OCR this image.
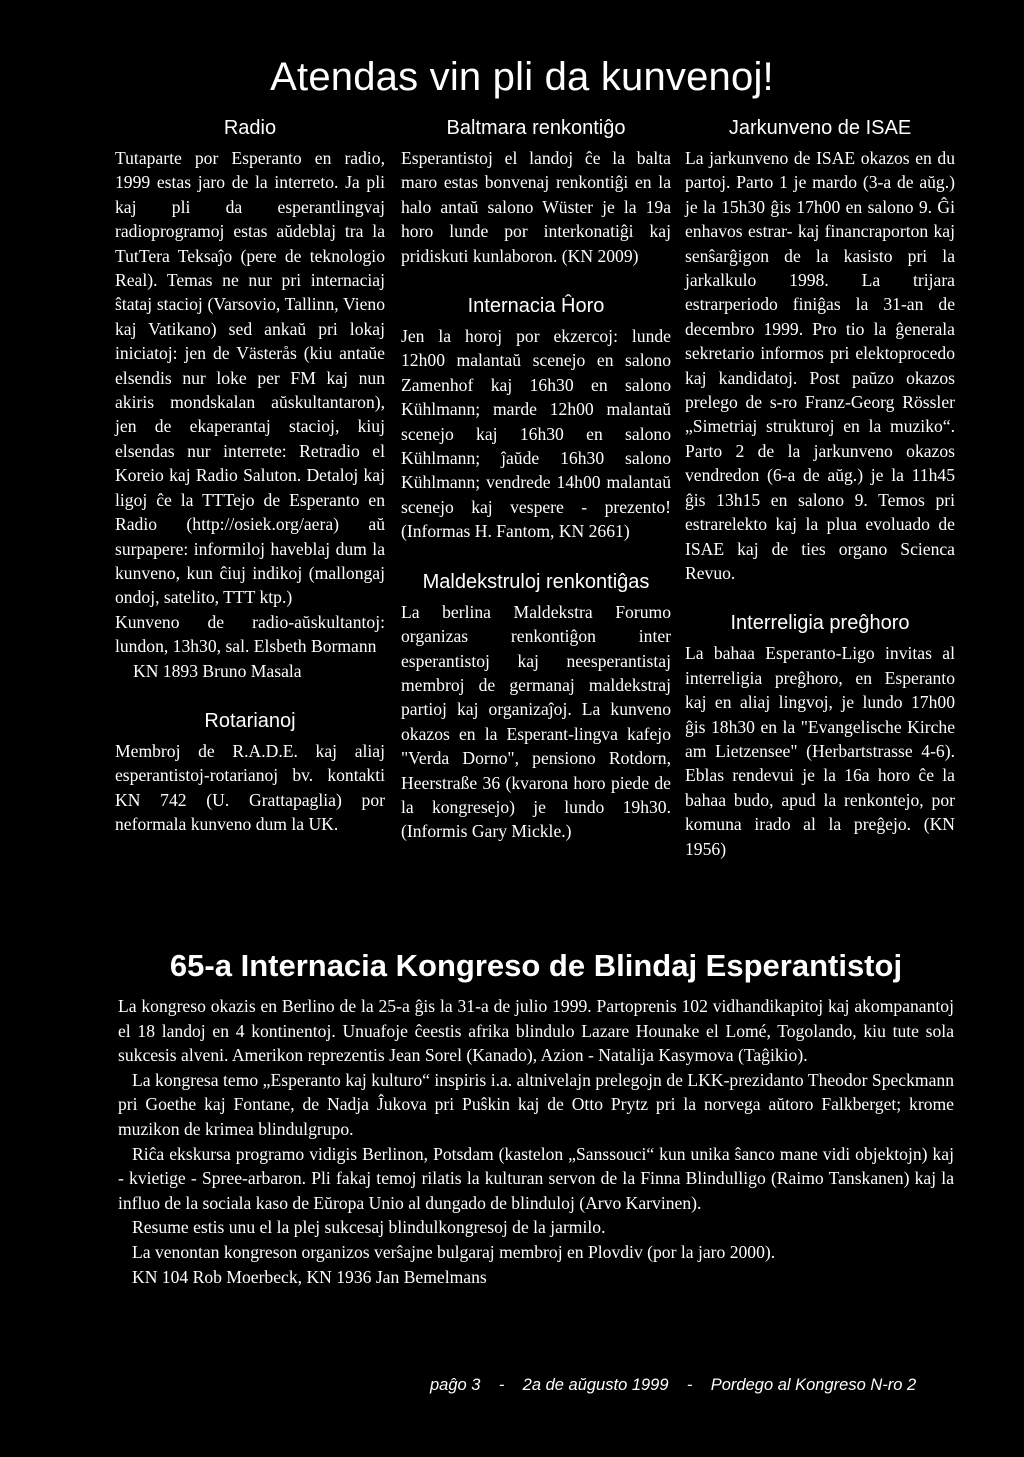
Atendas vin pli da kunvenoj!
Radio

Tutaparte por Esperanto en radio, 1999 estas jaro de la interreto. Ja pli kaj pli da esperantlingvaj radioprogramoj estas aŭdeblaj tra la TutTera Teksaĵo (pere de teknologio Real). Temas ne nur pri internaciaj ŝtataj stacioj (Varsovio, Tallinn, Vieno kaj Vatikano) sed ankaŭ pri lokaj iniciatoj: jen de Västerås (kiu antaŭe elsendis nur loke per FM kaj nun akiris mondskalan aŭskultantaron), jen de ekaperantaj stacioj, kiuj elsendas nur interrete: Retradio el Koreio kaj Radio Saluton. Detaloj kaj ligoj ĉe la TTTejo de Esperanto en Radio (http://osiek.org/aera) aŭ surpapere: informiloj haveblaj dum la kunveno, kun ĉiuj indikoj (mallongaj ondoj, satelito, TTT ktp.)

Kunveno de radio-aŭskultantoj: lundon, 13h30, sal. Elsbeth Bormann

KN 1893 Bruno Masala

Rotarianoj

Membroj de R.A.D.E. kaj aliaj esperantistoj-rotarianoj bv. kontakti KN 742 (U. Grattapaglia) por neformala kunveno dum la UK.

Baltmara renkontiĝo

Esperantistoj el landoj ĉe la balta maro estas bonvenaj renkontiĝi en la halo antaŭ salono Wüster je la 19a horo lunde por interkonatiĝi kaj pridiskuti kunlaboron. (KN 2009)

Internacia Ĥoro

Jen la horoj por ekzercoj: lunde 12h00 malantaŭ scenejo en salono Zamenhof kaj 16h30 en salono Kühlmann; marde 12h00 malantaŭ scenejo kaj 16h30 en salono Kühlmann; ĵaŭde 16h30 salono Kühlmann; vendrede 14h00 malantaŭ scenejo kaj vespere - prezento! (Informas H. Fantom, KN 2661)

Maldekstruloj renkontiĝas

La berlina Maldekstra Forumo organizas renkontiĝon inter esperantistoj kaj neesperantistaj membroj de germanaj maldekstraj partioj kaj organizaĵoj. La kunveno okazos en la Esperant-lingva kafejo "Verda Dorno", pensiono Rotdorn, Heerstraße 36 (kvarona horo piede de la kongresejo) je lundo 19h30. (Informis Gary Mickle.)

Jarkunveno de ISAE

La jarkunveno de ISAE okazos en du partoj. Parto 1 je mardo (3-a de aŭg.) je la 15h30 ĝis 17h00 en salono 9. Ĝi enhavos estrar- kaj financraporton kaj senŝarĝigon de la kasisto pri la jarkalkulo 1998. La trijara estrarperiodo finiĝas la 31-an de decembro 1999. Pro tio la ĝenerala sekretario informos pri elektoprocedo kaj kandidatoj. Post paŭzo okazos prelego de s-ro Franz-Georg Rössler „Simetriaj strukturoj en la muziko“. Parto 2 de la jarkunveno okazos vendredon (6-a de aŭg.) je la 11h45 ĝis 13h15 en salono 9. Temos pri estrarelekto kaj la plua evoluado de ISAE kaj de ties organo Scienca Revuo.

Interreligia preĝhoro

La bahaa Esperanto-Ligo invitas al interreligia preĝhoro, en Esperanto kaj en aliaj lingvoj, je lundo 17h00 ĝis 18h30 en la "Evangelische Kirche am Lietzensee" (Herbartstrasse 4-6). Eblas rendevui je la 16a horo ĉe la bahaa budo, apud la renkontejo, por komuna irado al la preĝejo. (KN 1956)

65-a Internacia Kongreso de Blindaj Esperantistoj

La kongreso okazis en Berlino de la 25-a ĝis la 31-a de julio 1999. Partoprenis 102 vidhandikapitoj kaj akompanantoj el 18 landoj en 4 kontinentoj. Unuafoje ĉeestis afrika blindulo Lazare Hounake el Lomé, Togolando, kiu tute sola sukcesis alveni. Amerikon reprezentis Jean Sorel (Kanado), Azion - Natalija Kasymova (Taĝikio).

La kongresa temo „Esperanto kaj kulturo“ inspiris i.a. altnivelajn prelegojn de LKK-prezidanto Theodor Speckmann pri Goethe kaj Fontane, de Nadja Ĵukova pri Puŝkin kaj de Otto Prytz pri la norvega aŭtoro Falkberget; krome muzikon de krimea blindulgrupo.

Riĉa ekskursa programo vidigis Berlinon, Potsdam (kastelon „Sanssouci“ kun unika ŝanco mane vidi objektojn) kaj - kvietige - Spree-arbaron. Pli fakaj temoj rilatis la kulturan servon de la Finna Blindulligo (Raimo Tanskanen) kaj la influo de la sociala kaso de Eŭropa Unio al dungado de blinduloj (Arvo Karvinen).

Resume estis unu el la plej sukcesaj blindulkongresoj de la jarmilo.

La venontan kongreson organizos verŝajne bulgaraj membroj en Plovdiv (por la jaro 2000).

KN 104 Rob Moerbeck, KN 1936 Jan Bemelmans

paĝo 3 - 2a de aŭgusto 1999 - Pordego al Kongreso N-ro 2
